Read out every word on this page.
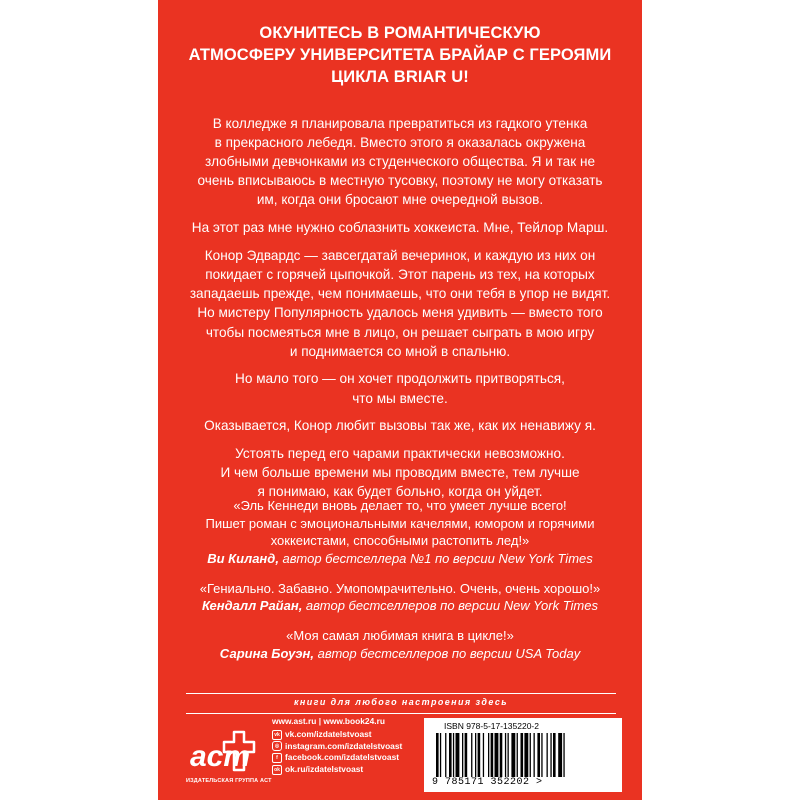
ОКУНИТЕСЬ В РОМАНТИЧЕСКУЮ
АТМОСФЕРУ УНИВЕРСИТЕТА БРАЙАР С ГЕРОЯМИ
ЦИКЛА BRIAR U!

В колледже я планировала превратиться из гадкого утенка
в прекрасного лебедя. Вместо этого я оказалась окружена
злобными девчонками из студенческого общества. Я и так не
очень вписываюсь в местную тусовку, поэтому не могу отказать
им, когда они бросают мне очередной вызов.

На этот раз мне нужно соблазнить хоккеиста. Мне, Тейлор Марш.

Конор Эдвардс — завсегдатай вечеринок, и каждую из них он
покидает с горячей цыпочкой. Этот парень из тех, на которых
западаешь прежде, чем понимаешь, что они тебя в упор не видят.
Но мистеру Популярность удалось меня удивить — вместо того
чтобы посмеяться мне в лицо, он решает сыграть в мою игру
и поднимается со мной в спальню.

Но мало того — он хочет продолжить притворяться,
что мы вместе.

Оказывается, Конор любит вызовы так же, как их ненавижу я.

Устоять перед его чарами практически невозможно.
И чем больше времени мы проводим вместе, тем лучше
я понимаю, как будет больно, когда он уйдет.

«Эль Кеннеди вновь делает то, что умеет лучше всего!
Пишет роман с эмоциональными качелями, юмором и горячими
хоккеистами, способными растопить лед!»
Ви Киланд, автор бестселлера №1 по версии New York Times
«Гениально. Забавно. Умопомрачительно. Очень, очень хорошо!»
Кендалл Райан, автор бестселлеров по версии New York Times
«Моя самая любимая книга в цикле!»
Сарина Боуэн, автор бестселлеров по версии USA Today
книги для любого настроения здесь
аст
ИЗДАТЕЛЬСКАЯ ГРУППА АСТ
www.ast.ru | www.book24.ru
vk vk.com/izdatelstvoast
◎ instagram.com/izdatelstvoast
f facebook.com/izdatelstvoast
ok ok.ru/izdatelstvoast
ISBN 978-5-17-135220-2
9 785171 352202 >
